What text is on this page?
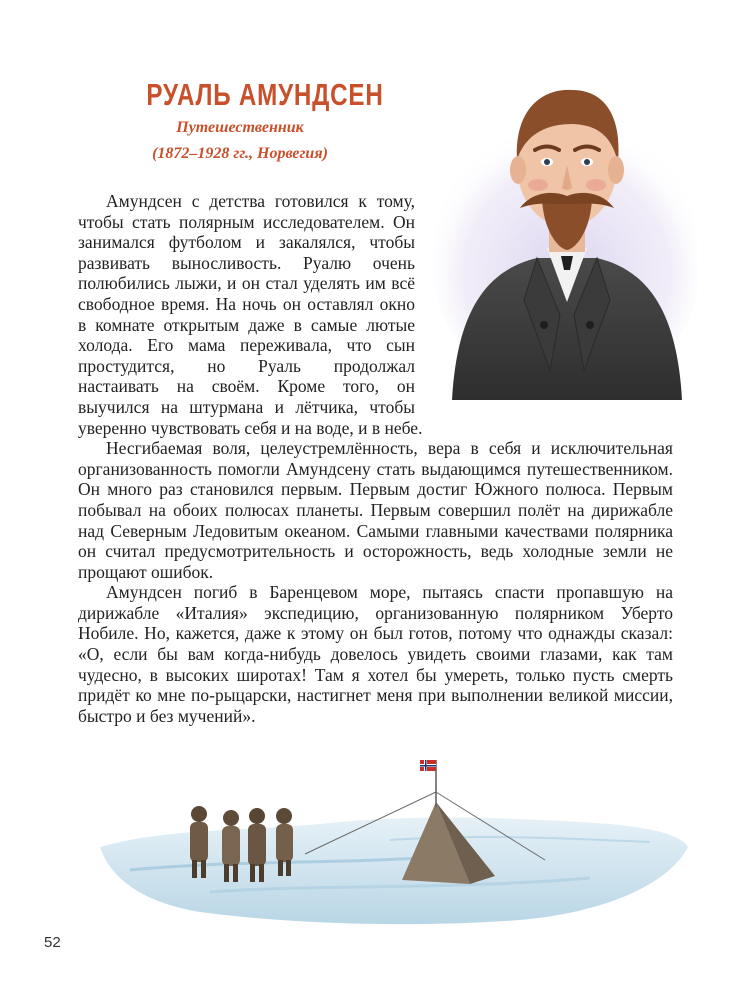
РУАЛЬ АМУНДСЕН
Путешественник
(1872–1928 гг., Норвегия)

Амундсен с детства готовился к тому, чтобы стать полярным исследователем. Он занимался футболом и закалялся, чтобы развивать выносливость. Руалю очень полюбились лыжи, и он стал уделять им всё свободное время. На ночь он оставлял окно в комнате открытым даже в самые лютые холода. Его мама переживала, что сын простудится, но Руаль продолжал настаивать на своём. Кроме того, он выучился на штурмана и лётчика, чтобы уверенно чувствовать себя и на воде, и в небе.

Несгибаемая воля, целеустремлённость, вера в себя и исключительная организованность помогли Амундсену стать выдающимся путешественником. Он много раз становился первым. Первым достиг Южного полюса. Первым побывал на обоих полюсах планеты. Первым совершил полёт на дирижабле над Северным Ледовитым океаном. Самыми главными качествами полярника он считал предусмотрительность и осторожность, ведь холодные земли не прощают ошибок.

Амундсен погиб в Баренцевом море, пытаясь спасти пропавшую на дирижабле «Италия» экспедицию, организованную полярником Уберто Нобиле. Но, кажется, даже к этому он был готов, потому что однажды сказал: «О, если бы вам когда-нибудь довелось увидеть своими глазами, как там чудесно, в высоких широтах! Там я хотел бы умереть, только пусть смерть придёт ко мне по-рыцарски, настигнет меня при выполнении великой миссии, быстро и без мучений».

52
